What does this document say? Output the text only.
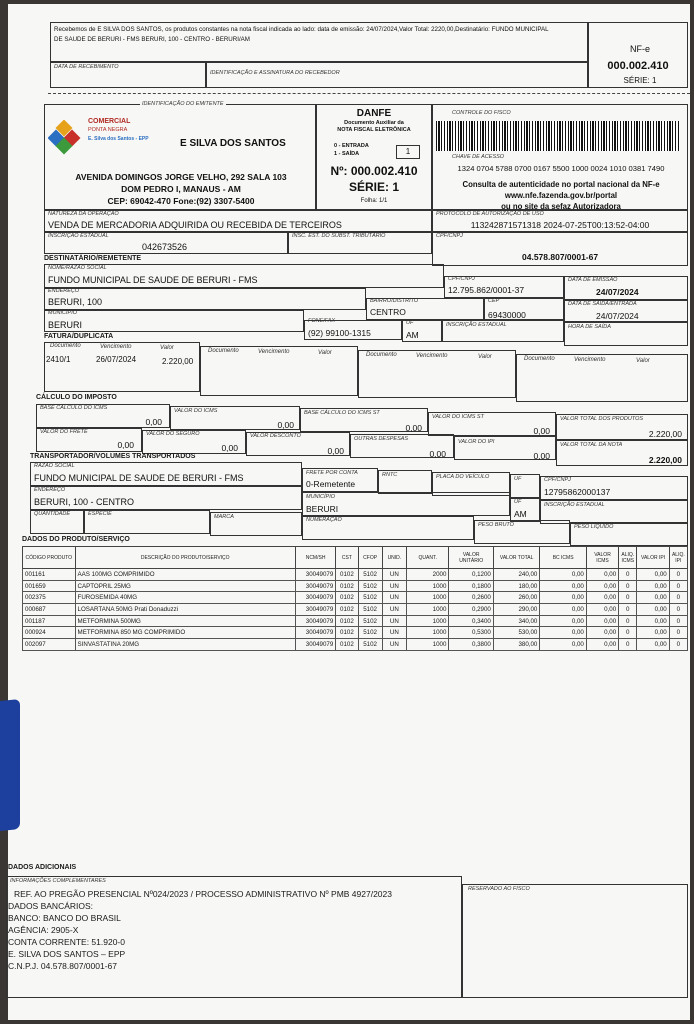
Recebemos de E SILVA DOS SANTOS, os produtos constantes na nota fiscal indicada ao lado: data de emissão: 24/07/2024,Valor Total: 2220,00,Destinatário: FUNDO MUNICIPAL
DE SAUDE DE BERURI - FMS BERURI, 100 - CENTRO - BERURI/AM
DATA DE RECEBIMENTO
IDENTIFICAÇÃO E ASSINATURA DO RECEBEDOR
NF-e
000.002.410
SÉRIE: 1
IDENTIFICAÇÃO DO EMITENTE
COMERCIAL
PONTA NEGRA
E. Silva dos Santos - EPP	E SILVA DOS SANTOS
AVENIDA DOMINGOS JORGE VELHO, 292 SALA 103
DOM PEDRO I, MANAUS - AM
CEP: 69042-470 Fone:(92) 3307-5400
DANFE
Documento Auxiliar da
NOTA FISCAL ELETRÔNICA
0 - ENTRADA
1 - SAÍDA	1
Nº: 000.002.410
SÉRIE: 1
Folha: 1/1
CONTROLE DO FISCO
CHAVE DE ACESSO
1324 0704 5788 0700 0167 5500 1000 0024 1010 0381 7490
Consulta de autenticidade no portal nacional da NF-e
www.nfe.fazenda.gov.br/portal
ou no site da sefaz Autorizadora
NATUREZA DA OPERAÇÃO
VENDA DE MERCADORIA ADQUIRIDA OU RECEBIDA DE TERCEIROS
PROTOCOLO DE AUTORIZAÇÃO DE USO
113242871571318 2024-07-25T00:13:52-04:00
INSCRIÇÃO ESTADUAL
042673526
INSC. EST. DO SUBST. TRIBUTÁRIO	CPF/CNPJ
04.578.807/0001-67
DESTINATÁRIO/REMETENTE
NOME/RAZÃO SOCIAL
FUNDO MUNICIPAL DE SAUDE DE BERURI - FMS	CPF/CNPJ
12.795.862/0001-37
DATA DE EMISSÃO
24/07/2024
ENDEREÇO
BERURI, 100	BAIRRO/DISTRITO
CENTRO
CEP
69430000
DATA DE SAÍDA/ENTRADA
24/07/2024
MUNICÍPIO
BERURI	FONE/FAX
(92) 99100-1315
UF
AM
INSCRIÇÃO ESTADUAL	HORA DE SAÍDA
FATURA/DUPLICATA
Documento	Vencimento	Valor
2410/1	26/07/2024	2.220,00
Documento	Vencimento	Valor	Documento	Vencimento	Valor	Documento	Vencimento	Valor
CÁLCULO DO IMPOSTO
BASE CÁLCULO DO ICMS
0,00
VALOR DO ICMS
0,00
BASE CÁLCULO DO ICMS ST
0,00
VALOR DO ICMS ST
0,00
VALOR TOTAL DOS PRODUTOS
2.220,00
VALOR DO FRETE
0,00
VALOR DO SEGURO
0,00
VALOR DESCONTO
0,00
OUTRAS DESPESAS
0,00
VALOR DO IPI
0,00
VALOR TOTAL DA NOTA
2.220,00
TRANSPORTADOR/VOLUMES TRANSPORTADOS
RAZÃO SOCIAL
FUNDO MUNICIPAL DE SAUDE DE BERURI - FMS	FRETE POR CONTA
0-Remetente
RNTC	PLACA DO VEÍCULO	UF	CPF/CNPJ
12795862000137
ENDEREÇO
BERURI, 100 - CENTRO	MUNICÍPIO
BERURI
UF
AM
INSCRIÇÃO ESTADUAL
QUANTIDADE	ESPÉCIE	MARCA	NUMERAÇÃO
PESO BRUTO	PESO LÍQUIDO
DADOS DO PRODUTO/SERVIÇO
CÓDIGO PRODUTO	DESCRIÇÃO DO PRODUTO/SERVIÇO	NCM/SH	CST	CFOP	UNID.	QUANT.	VALOR UNITÁRIO	VALOR TOTAL	BC ICMS	VALOR ICMS	ALIQ. ICMS	VALOR IPI	ALIQ. IPI
001161	AAS 100MG COMPRIMIDO	30049079	0102	5102	UN	2000	0,1200	240,00	0,00	0,00	0	0,00	0
001659	CAPTOPRIL 25MG	30049079	0102	5102	UN	1000	0,1800	180,00	0,00	0,00	0	0,00	0
002375	FUROSEMIDA 40MG	30049079	0102	5102	UN	1000	0,2600	260,00	0,00	0,00	0	0,00	0
000687	LOSARTANA 50MG Prati Donaduzzi	30049079	0102	5102	UN	1000	0,2900	290,00	0,00	0,00	0	0,00	0
001187	METFORMINA 500MG	30049079	0102	5102	UN	1000	0,3400	340,00	0,00	0,00	0	0,00	0
000924	METFORMINA 850 MG COMPRIMIDO	30049079	0102	5102	UN	1000	0,5300	530,00	0,00	0,00	0	0,00	0
002097	SINVASTATINA 20MG	30049079	0102	5102	UN	1000	0,3800	380,00	0,00	0,00	0	0,00	0
DADOS ADICIONAIS
INFORMAÇÕES COMPLEMENTARES
REF. AO PREGÃO PRESENCIAL Nº024/2023 / PROCESSO ADMINISTRATIVO Nº PMB 4927/2023
DADOS BANCÁRIOS:
BANCO: BANCO DO BRASIL
AGÊNCIA: 2905-X
CONTA CORRENTE: 51.920-0
E. SILVA DOS SANTOS – EPP
C.N.P.J. 04.578.807/0001-67
RESERVADO AO FISCO
